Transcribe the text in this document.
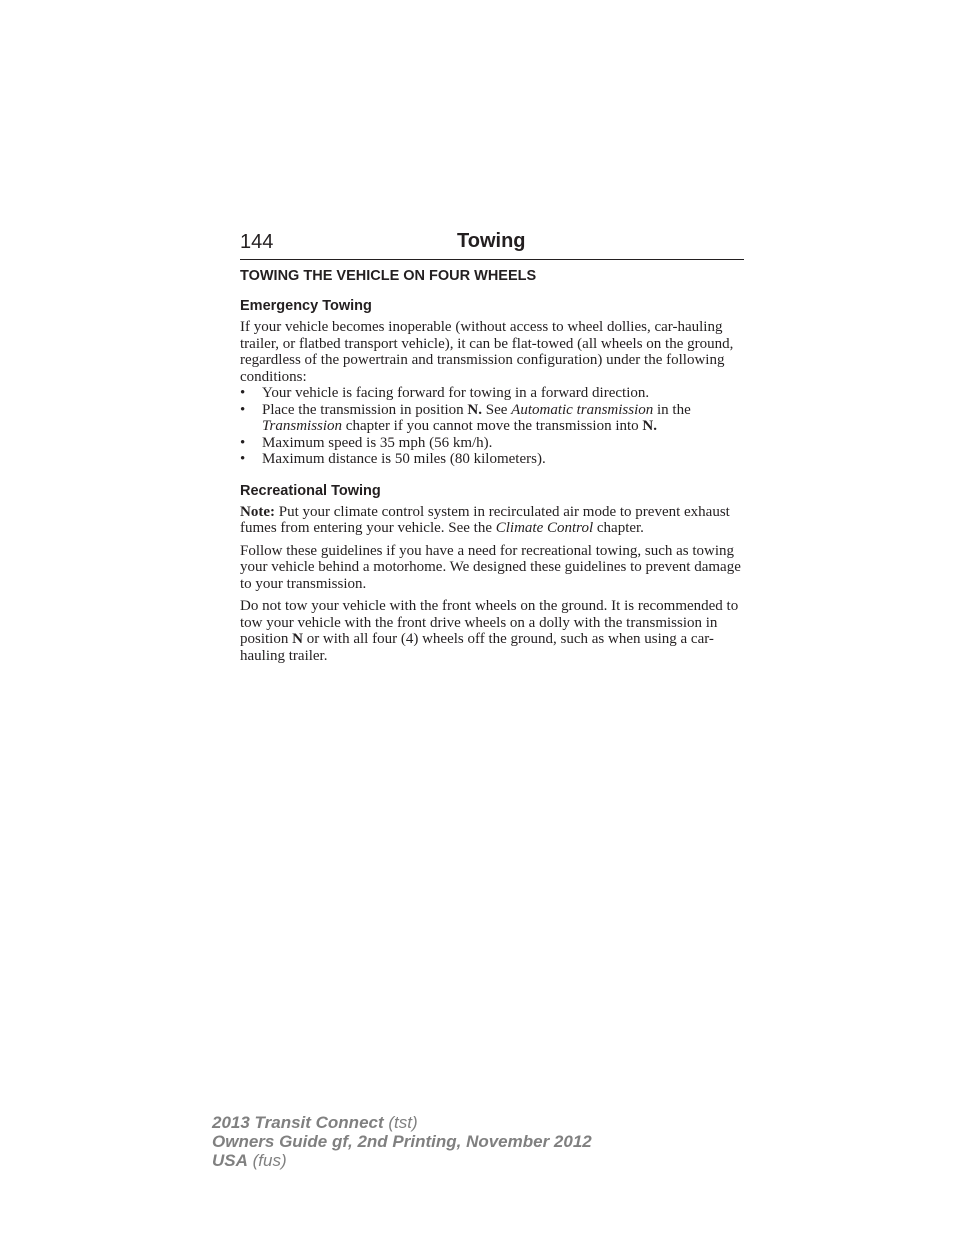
144	Towing
TOWING THE VEHICLE ON FOUR WHEELS
Emergency Towing

If your vehicle becomes inoperable (without access to wheel dollies, car-hauling trailer, or flatbed transport vehicle), it can be flat-towed (all wheels on the ground, regardless of the powertrain and transmission configuration) under the following conditions:

• Your vehicle is facing forward for towing in a forward direction.
• Place the transmission in position N. See Automatic transmission in the Transmission chapter if you cannot move the transmission into N.
• Maximum speed is 35 mph (56 km/h).
• Maximum distance is 50 miles (80 kilometers).
Recreational Towing

Note: Put your climate control system in recirculated air mode to prevent exhaust fumes from entering your vehicle. See the Climate Control chapter.

Follow these guidelines if you have a need for recreational towing, such as towing your vehicle behind a motorhome. We designed these guidelines to prevent damage to your transmission.

Do not tow your vehicle with the front wheels on the ground. It is recommended to tow your vehicle with the front drive wheels on a dolly with the transmission in position N or with all four (4) wheels off the ground, such as when using a car-hauling trailer.

2013 Transit Connect (tst)
Owners Guide gf, 2nd Printing, November 2012
USA (fus)
